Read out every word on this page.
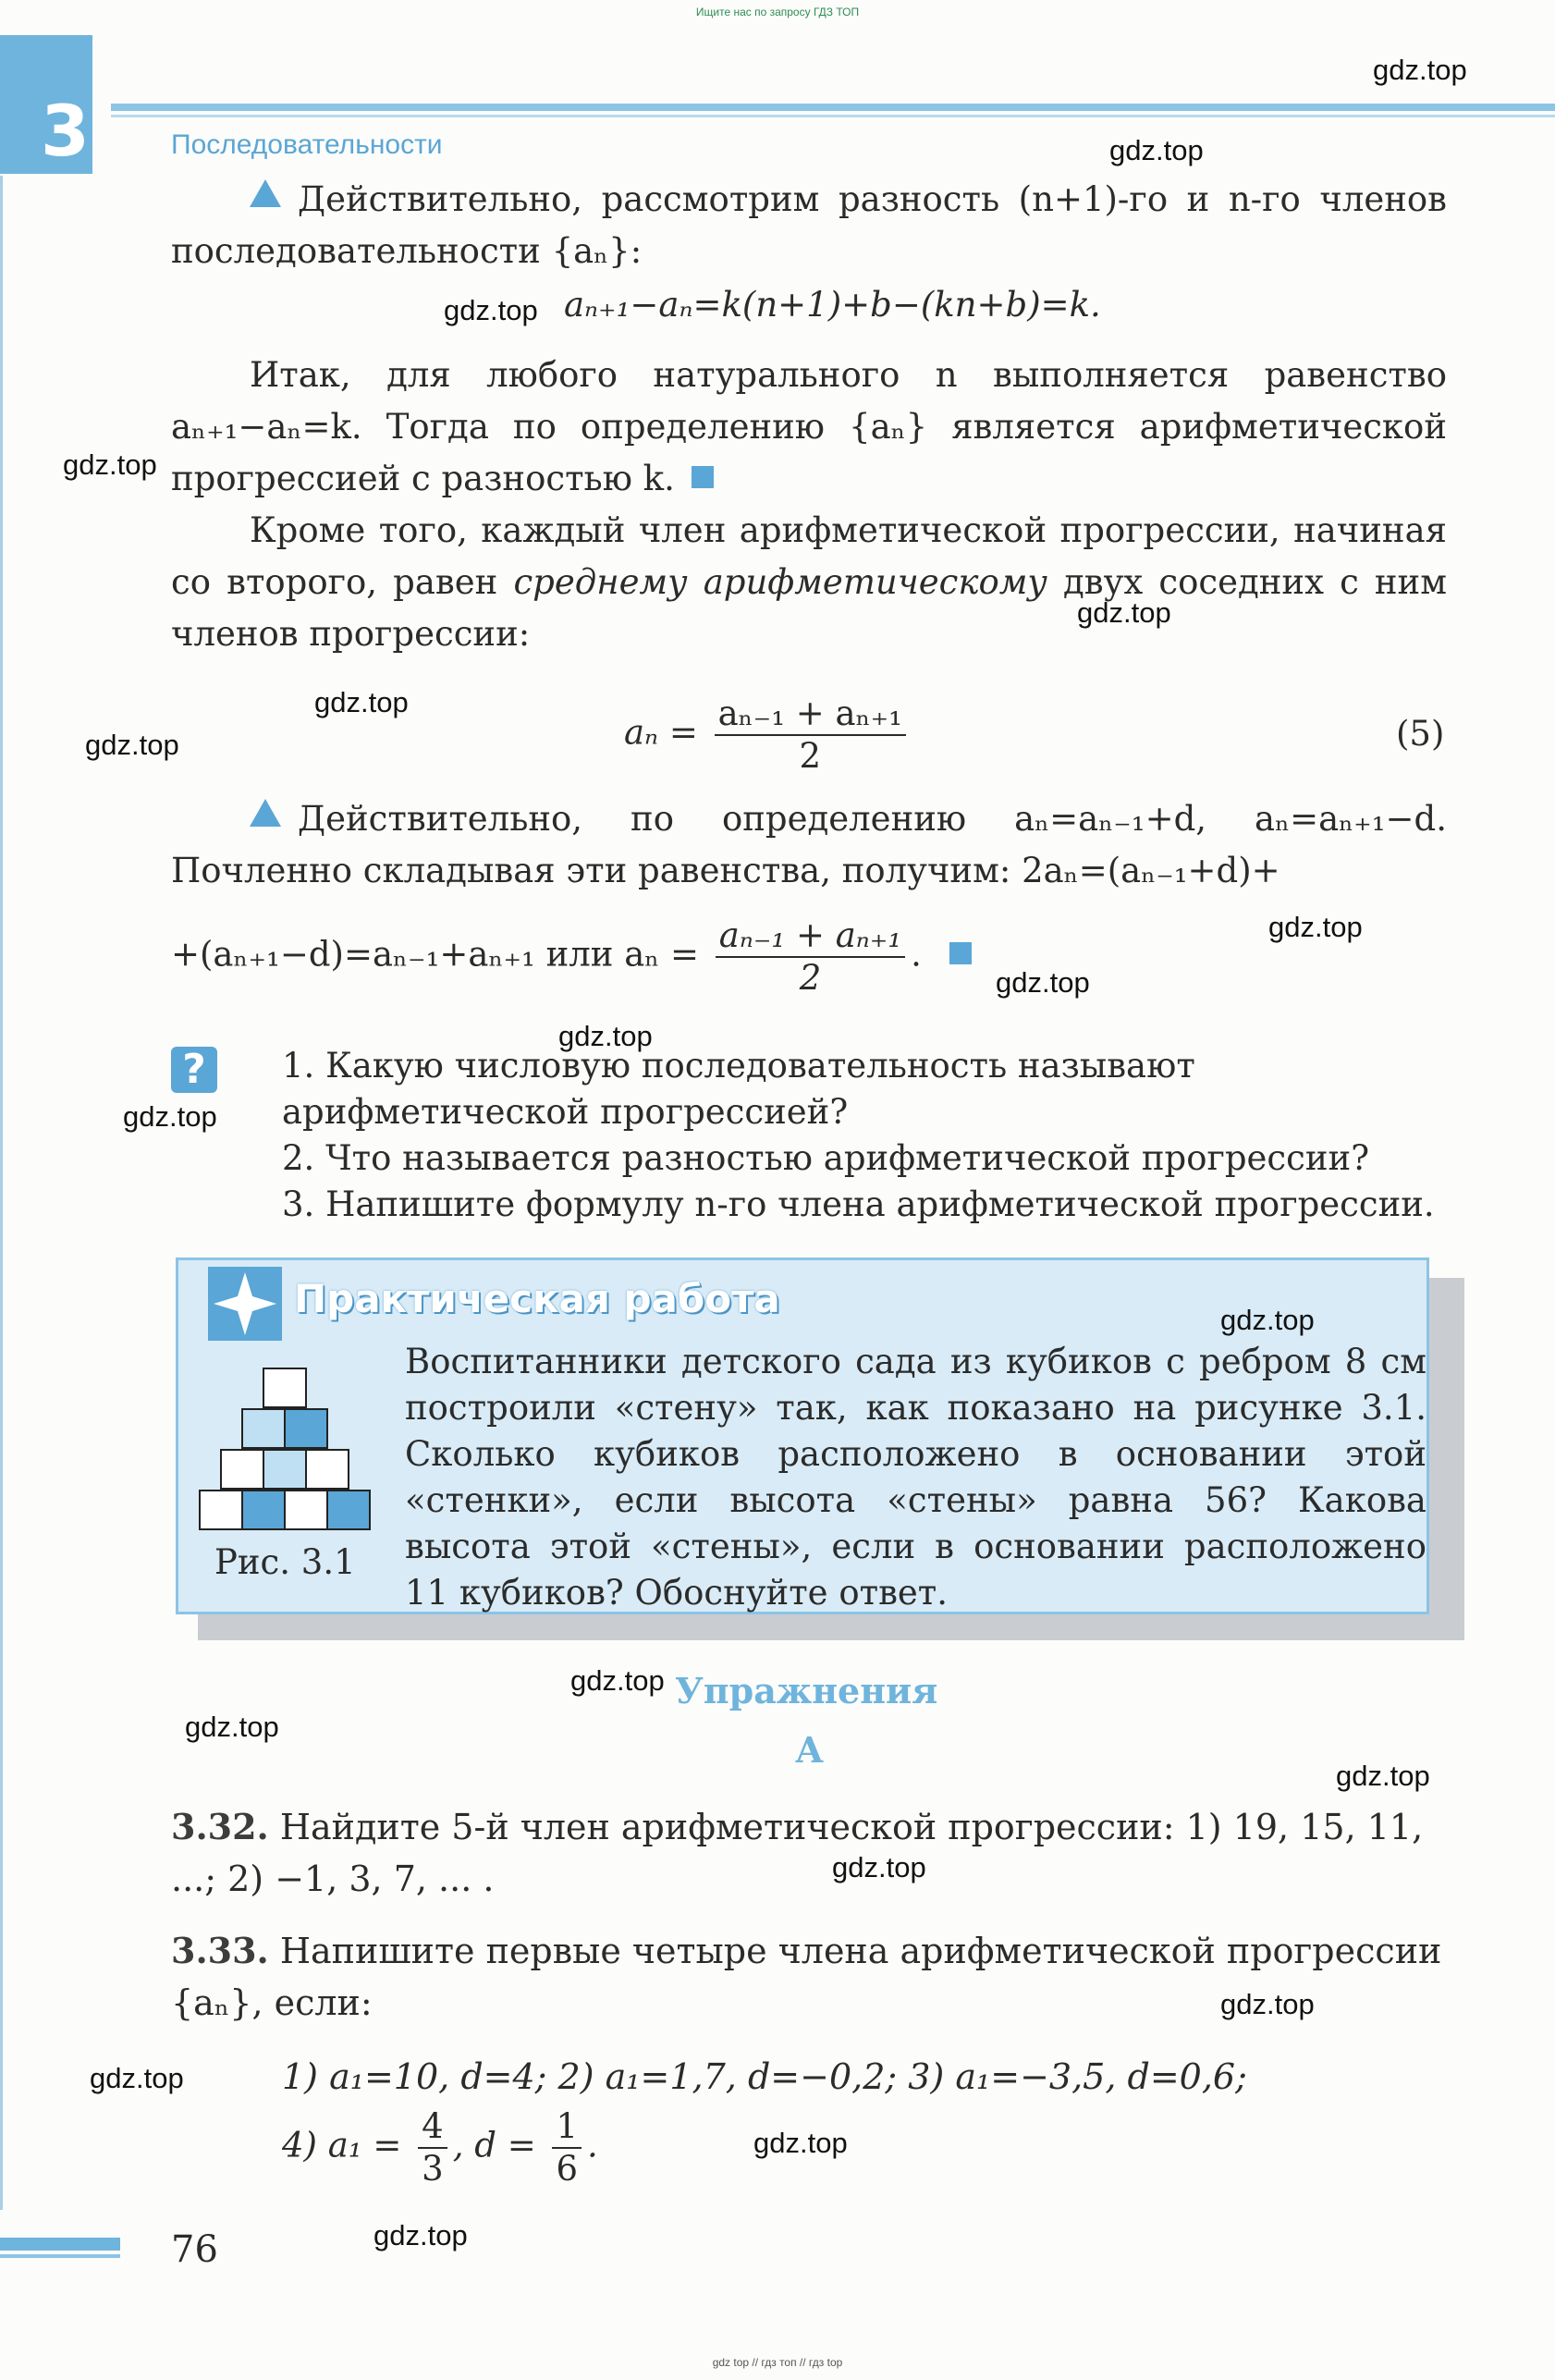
Ищите нас по запросу ГДЗ ТОП
3	Последовательности

Действительно, рассмотрим разность (n+1)-го и n-го членов последовательности {aₙ}:

aₙ₊₁−aₙ=k(n+1)+b−(kn+b)=k.

Итак, для любого натурального n выполняется равенство aₙ₊₁−aₙ=k. Тогда по определению {aₙ} является арифметической прогрессией с разностью k.

Кроме того, каждый член арифметической прогрессии, начиная со второго, равен среднему арифметическому двух соседних с ним членов прогрессии:

$a_n = \frac{\text{aₙ₋₁ + aₙ₊₁}}{2}$	(5)

Действительно, по определению aₙ=aₙ₋₁+d, aₙ=aₙ₊₁−d. Почленно складывая эти равенства, получим: 2aₙ=(aₙ₋₁+d)+

+(aₙ₊₁−d)=aₙ₋₁+aₙ₊₁ или $a_n = \frac{\text{aₙ₋₁ + aₙ₊₁}}{2}$ .
?	1. Какую числовую последовательность называют арифметической прогрессией?
2. Что называется разностью арифметической прогрессии?
3. Напишите формулу n-го члена арифметической прогрессии.
Практическая работа
Рис. 3.1
Воспитанники детского сада из кубиков с ребром 8 см построили «стену» так, как показано на рисунке 3.1. Сколько кубиков расположено в основании этой «стенки», если высота «стены» равна 56? Какова высота этой «стены», если в основании расположено 11 кубиков? Обоснуйте ответ.
Упражнения
А
3.32. Найдите 5-й член арифметической прогрессии: 1) 19, 15, 11, ...; 2) −1, 3, 7, ... .
3.33. Напишите первые четыре члена арифметической прогрессии {aₙ}, если:
1) a₁=10, d=4; 2) a₁=1,7, d=−0,2; 3) a₁=−3,5, d=0,6;
4) $a_1 = \frac{4}{3}$ , $d = \frac{1}{6}$ .
76
gdz.top
gdz.top
gdz.top
gdz.top
gdz.top
gdz.top
gdz.top
gdz.top
gdz.top
gdz.top
gdz.top
gdz.top
gdz.top
gdz.top
gdz.top
gdz.top
gdz.top
gdz.top
gdz.top
gdz.top
gdz top // гдз топ // гдз top
